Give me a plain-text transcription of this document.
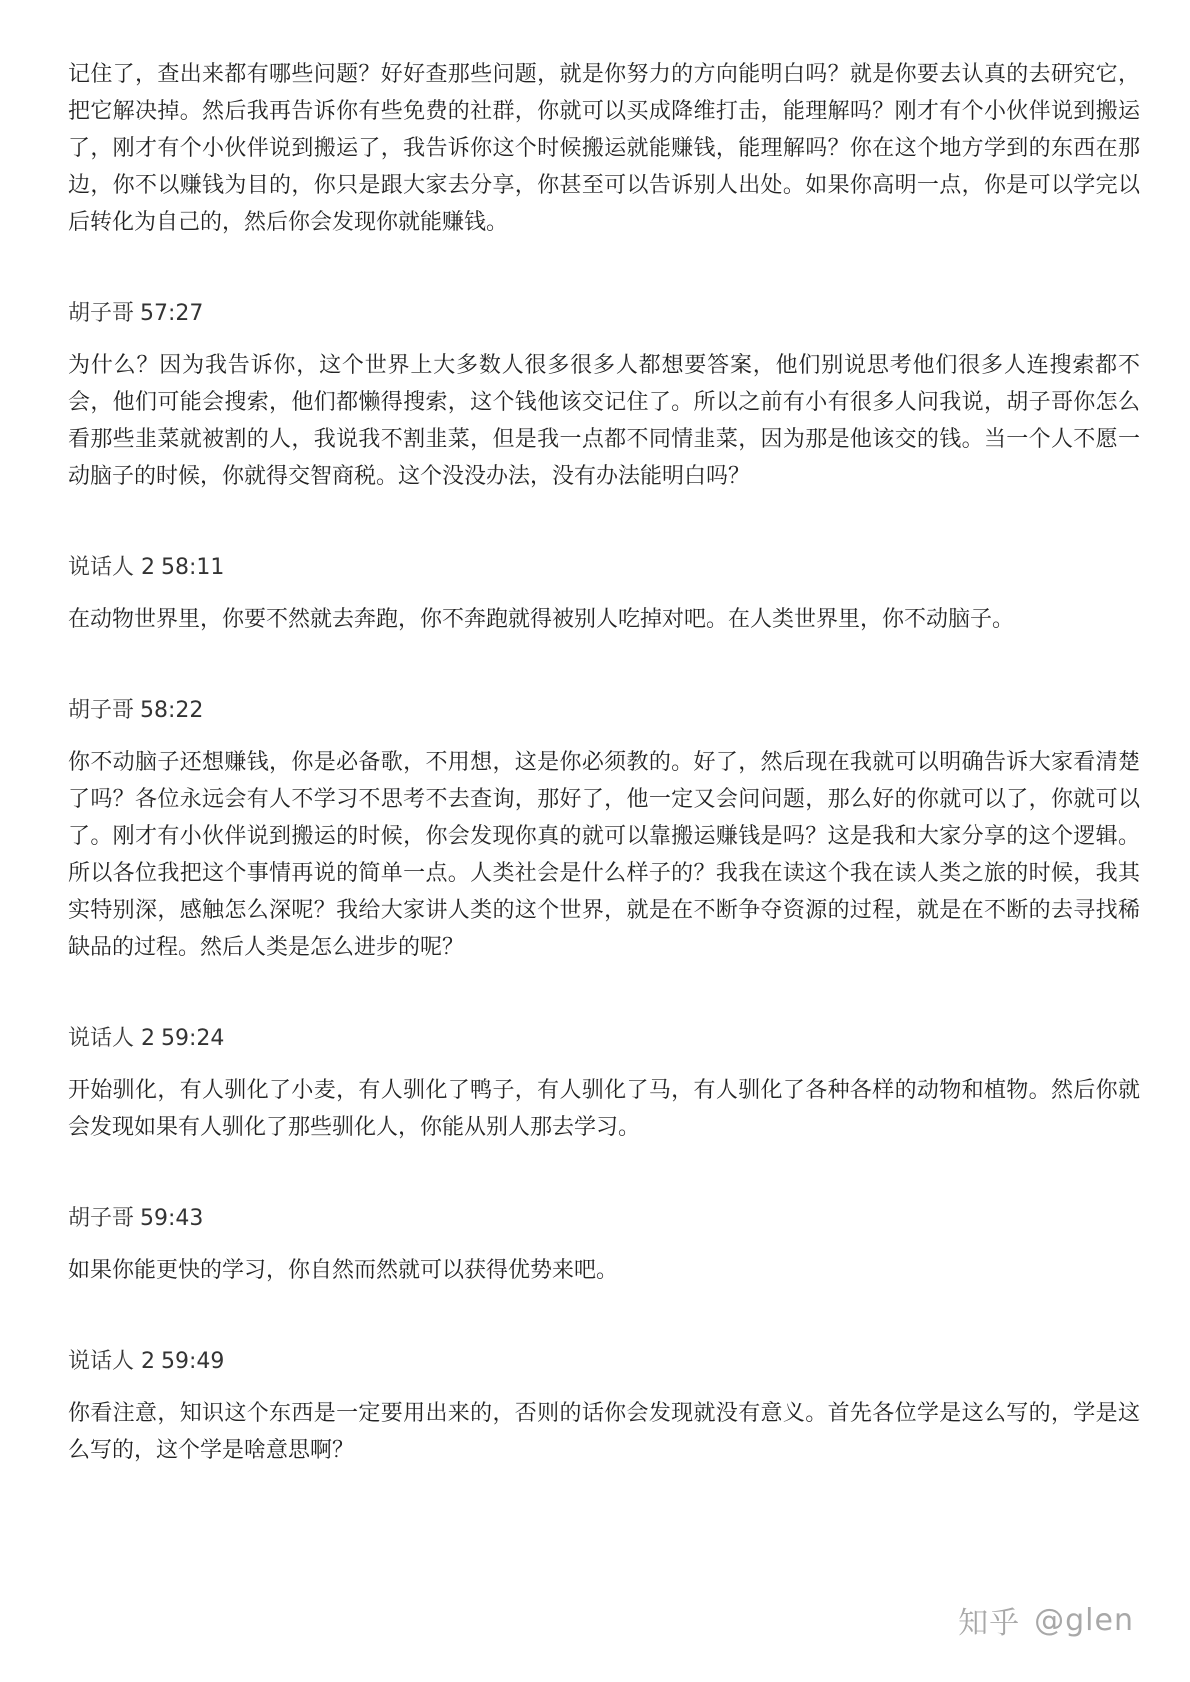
记住了，查出来都有哪些问题？好好查那些问题，就是你努力的方向能明白吗？就是你要去认真的去研究它，把它解决掉。然后我再告诉你有些免费的社群，你就可以买成降维打击，能理解吗？刚才有个小伙伴说到搬运了，刚才有个小伙伴说到搬运了，我告诉你这个时候搬运就能赚钱，能理解吗？你在这个地方学到的东西在那边，你不以赚钱为目的，你只是跟大家去分享，你甚至可以告诉别人出处。如果你高明一点，你是可以学完以后转化为自己的，然后你会发现你就能赚钱。

胡子哥 57:27

为什么？因为我告诉你，这个世界上大多数人很多很多人都想要答案，他们别说思考他们很多人连搜索都不会，他们可能会搜索，他们都懒得搜索，这个钱他该交记住了。所以之前有小有很多人问我说，胡子哥你怎么看那些韭菜就被割的人，我说我不割韭菜，但是我一点都不同情韭菜，因为那是他该交的钱。当一个人不愿一动脑子的时候，你就得交智商税。这个没没办法，没有办法能明白吗？

说话人 2 58:11

在动物世界里，你要不然就去奔跑，你不奔跑就得被别人吃掉对吧。在人类世界里，你不动脑子。

胡子哥 58:22

你不动脑子还想赚钱，你是必备歌，不用想，这是你必须教的。好了，然后现在我就可以明确告诉大家看清楚了吗？各位永远会有人不学习不思考不去查询，那好了，他一定又会问问题，那么好的你就可以了，你就可以了。刚才有小伙伴说到搬运的时候，你会发现你真的就可以靠搬运赚钱是吗？这是我和大家分享的这个逻辑。所以各位我把这个事情再说的简单一点。人类社会是什么样子的？我我在读这个我在读人类之旅的时候，我其实特别深，感触怎么深呢？我给大家讲人类的这个世界，就是在不断争夺资源的过程，就是在不断的去寻找稀缺品的过程。然后人类是怎么进步的呢？

说话人 2 59:24

开始驯化，有人驯化了小麦，有人驯化了鸭子，有人驯化了马，有人驯化了各种各样的动物和植物。然后你就会发现如果有人驯化了那些驯化人，你能从别人那去学习。

胡子哥 59:43

如果你能更快的学习，你自然而然就可以获得优势来吧。

说话人 2 59:49

你看注意，知识这个东西是一定要用出来的，否则的话你会发现就没有意义。首先各位学是这么写的，学是这么写的，这个学是啥意思啊？

知乎 @glen
